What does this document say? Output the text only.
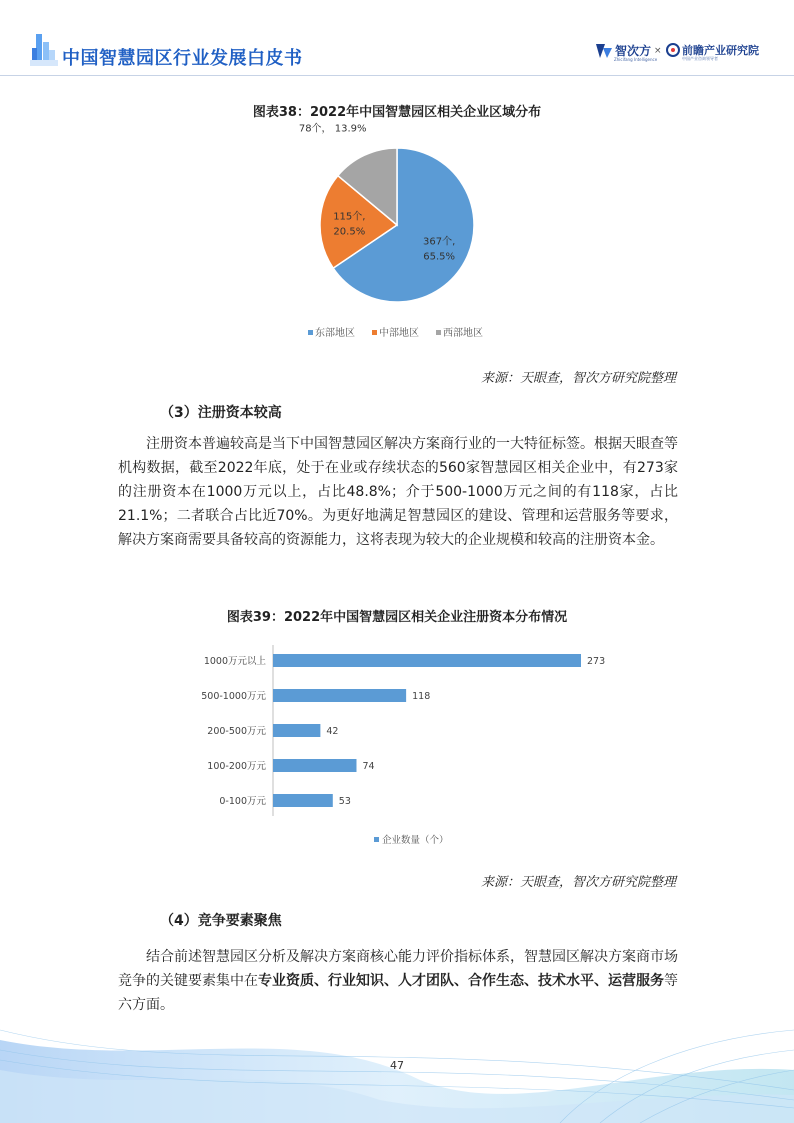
中国智慧园区行业发展白皮书	智次方
Zhicifang Intelligence
× 前瞻产业研究院
中国产业咨询领导者
图表38：2022年中国智慧园区相关企业区域分布
367个,
65.5%
115个,
20.5%
78个， 13.9%
东部地区 中部地区 西部地区
来源：天眼查，智次方研究院整理
（3）注册资本较高

注册资本普遍较高是当下中国智慧园区解决方案商行业的一大特征标签。根据天眼查等机构数据，截至2022年底，处于在业或存续状态的560家智慧园区相关企业中，有273家的注册资本在1000万元以上，占比48.8%；介于500-1000万元之间的有118家，占比21.1%；二者联合占比近70%。为更好地满足智慧园区的建设、管理和运营服务等要求，解决方案商需要具备较高的资源能力，这将表现为较大的企业规模和较高的注册资本金。

图表39：2022年中国智慧园区相关企业注册资本分布情况
1000万元以上	273
500-1000万元	118
200-500万元	42
100-200万元	74
0-100万元	53
企业数量（个）
来源：天眼查，智次方研究院整理
（4）竞争要素聚焦

结合前述智慧园区分析及解决方案商核心能力评价指标体系，智慧园区解决方案商市场竞争的关键要素集中在专业资质、行业知识、人才团队、合作生态、技术水平、运营服务等六方面。

47
